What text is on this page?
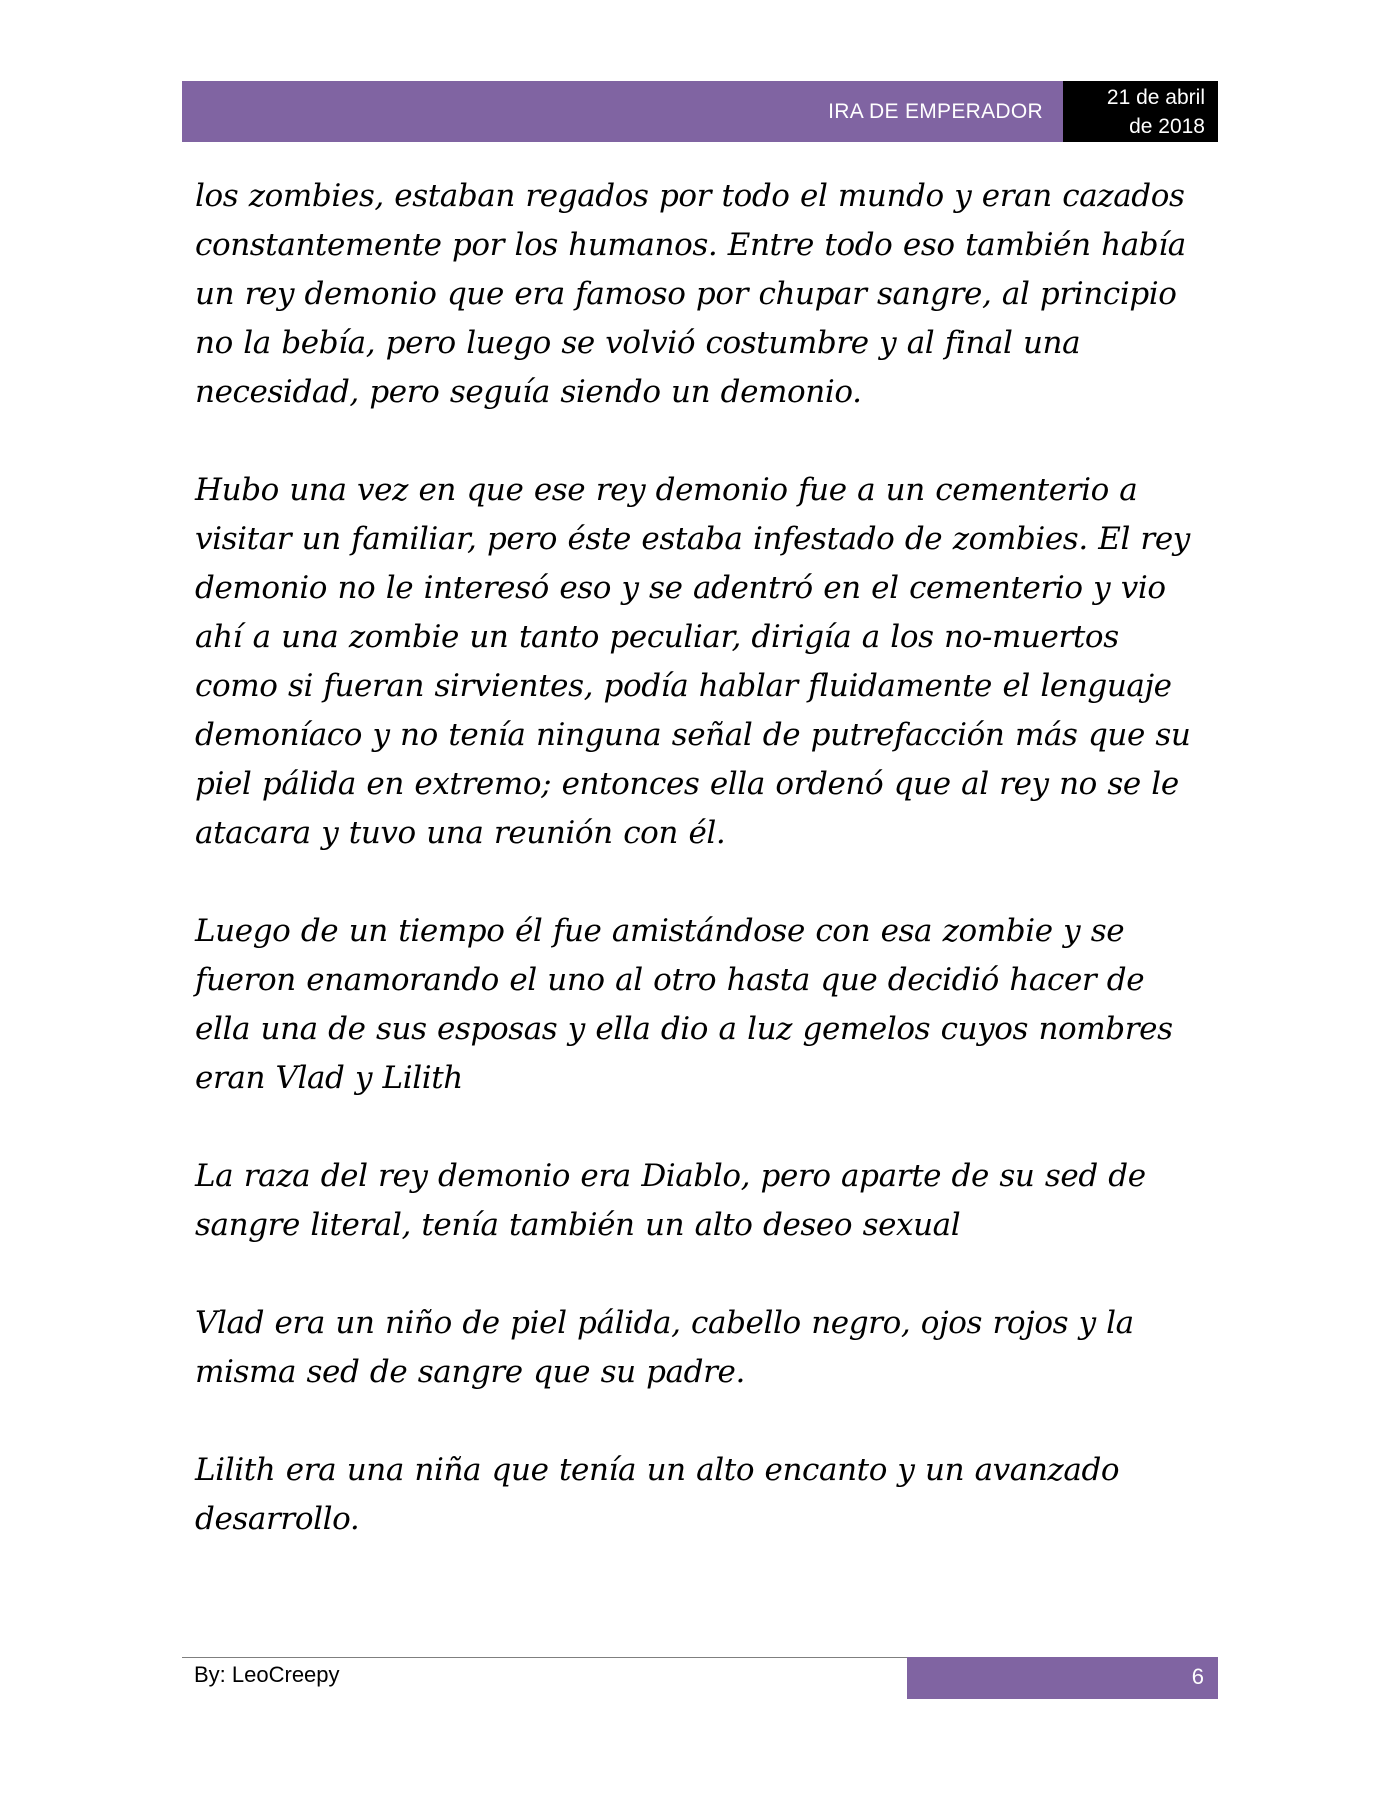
IRA DE EMPERADOR
21 de abril
de 2018

los zombies, estaban regados por todo el mundo y eran cazados constantemente por los humanos. Entre todo eso también había un rey demonio que era famoso por chupar sangre, al principio no la bebía, pero luego se volvió costumbre y al final una necesidad, pero seguía siendo un demonio.

Hubo una vez en que ese rey demonio fue a un cementerio a visitar un familiar, pero éste estaba infestado de zombies. El rey demonio no le interesó eso y se adentró en el cementerio y vio ahí a una zombie un tanto peculiar, dirigía a los no-muertos como si fueran sirvientes, podía hablar fluidamente el lenguaje demoníaco y no tenía ninguna señal de putrefacción más que su piel pálida en extremo; entonces ella ordenó que al rey no se le atacara y tuvo una reunión con él.

Luego de un tiempo él fue amistándose con esa zombie y se fueron enamorando el uno al otro hasta que decidió hacer de ella una de sus esposas y ella dio a luz gemelos cuyos nombres eran Vlad y Lilith

La raza del rey demonio era Diablo, pero aparte de su sed de sangre literal, tenía también un alto deseo sexual

Vlad era un niño de piel pálida, cabello negro, ojos rojos y la misma sed de sangre que su padre.

Lilith era una niña que tenía un alto encanto y un avanzado desarrollo.

By: LeoCreepy	6
